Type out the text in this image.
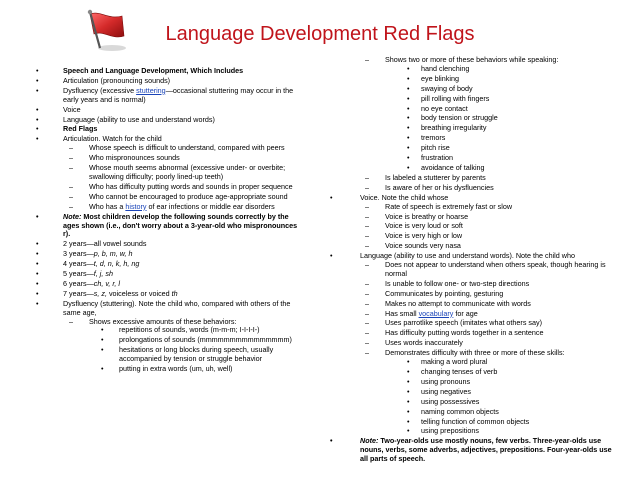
Language Development Red Flags
• Speech and Language Development, Which Includes
• Articulation (pronouncing sounds)
• Dysfluency (excessive stuttering—occasional stuttering may occur in the early years and is normal)
• Voice
• Language (ability to use and understand words)
• Red Flags
• Articulation. Watch for the child
– Whose speech is difficult to understand, compared with peers
– Who mispronounces sounds
– Whose mouth seems abnormal (excessive under- or overbite; swallowing difficulty; poorly lined-up teeth)
– Who has difficulty putting words and sounds in proper sequence
– Who cannot be encouraged to produce age-appropriate sound
– Who has a history of ear infections or middle ear disorders
• Note: Most children develop the following sounds correctly by the ages shown (i.e., don't worry about a 3-year-old who mispronounces r).
• 2 years—all vowel sounds
• 3 years—p, b, m, w, h
• 4 years—t, d, n, k, h, ng
• 5 years—f, j, sh
• 6 years—ch, v, r, l
• 7 years—s, z, voiceless or voiced th
• Dysfluency (stuttering). Note the child who, compared with others of the same age,
– Shows excessive amounts of these behaviors:
• repetitions of sounds, words (m-m-m; I-I-I-I-)
• prolongations of sounds (mmmmmmmmmmmmmmm)
• hesitations or long blocks during speech, usually accompanied by tension or struggle behavior
• putting in extra words (um, uh, well)
– Shows two or more of these behaviors while speaking:
• hand clenching
• eye blinking
• swaying of body
• pill rolling with fingers
• no eye contact
• body tension or struggle
• breathing irregularity
• tremors
• pitch rise
• frustration
• avoidance of talking
– Is labeled a stutterer by parents
– Is aware of her or his dysfluencies
• Voice. Note the child whose
– Rate of speech is extremely fast or slow
– Voice is breathy or hoarse
– Voice is very loud or soft
– Voice is very high or low
– Voice sounds very nasa
• Language (ability to use and understand words). Note the child who
– Does not appear to understand when others speak, though hearing is normal
– Is unable to follow one- or two-step directions
– Communicates by pointing, gesturing
– Makes no attempt to communicate with words
– Has small vocabulary for age
– Uses parrotlike speech (imitates what others say)
– Has difficulty putting words together in a sentence
– Uses words inaccurately
– Demonstrates difficulty with three or more of these skills:
• making a word plural
• changing tenses of verb
• using pronouns
• using negatives
• using possessives
• naming common objects
• telling function of common objects
• using prepositions
• Note: Two-year-olds use mostly nouns, few verbs. Three-year-olds use nouns, verbs, some adverbs, adjectives, prepositions. Four-year-olds use all parts of speech.
